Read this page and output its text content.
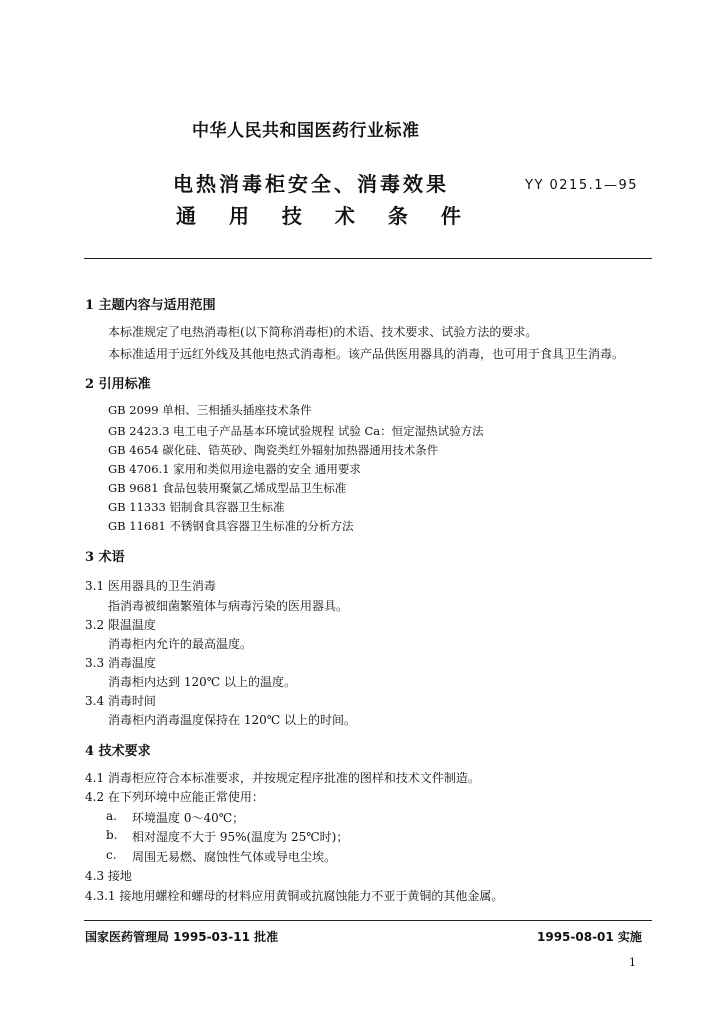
中华人民共和国医药行业标准
电热消毒柜安全、消毒效果
通 用 技 术 条 件
YY 0215.1—95
1 主题内容与适用范围
本标准规定了电热消毒柜(以下简称消毒柜)的术语、技术要求、试验方法的要求。
本标准适用于远红外线及其他电热式消毒柜。该产品供医用器具的消毒，也可用于食具卫生消毒。
2 引用标准
GB 2099 单相、三相插头插座技术条件
GB 2423.3 电工电子产品基本环境试验规程 试验 Ca：恒定湿热试验方法
GB 4654 碳化硅、锆英砂、陶瓷类红外辐射加热器通用技术条件
GB 4706.1 家用和类似用途电器的安全 通用要求
GB 9681 食品包装用聚氯乙烯成型品卫生标准
GB 11333 铝制食具容器卫生标准
GB 11681 不锈钢食具容器卫生标准的分析方法
3 术语
3.1 医用器具的卫生消毒
指消毒被细菌繁殖体与病毒污染的医用器具。
3.2 限温温度
消毒柜内允许的最高温度。
3.3 消毒温度
消毒柜内达到 120℃ 以上的温度。
3.4 消毒时间
消毒柜内消毒温度保持在 120℃ 以上的时间。
4 技术要求
4.1 消毒柜应符合本标准要求，并按规定程序批准的图样和技术文件制造。
4.2 在下列环境中应能正常使用：
a. 环境温度 0～40℃；
b. 相对湿度不大于 95%(温度为 25℃时)；
c. 周围无易燃、腐蚀性气体或导电尘埃。
4.3 接地
4.3.1 接地用螺栓和螺母的材料应用黄铜或抗腐蚀能力不亚于黄铜的其他金属。
国家医药管理局 1995-03-11 批准	1995-08-01 实施
1
